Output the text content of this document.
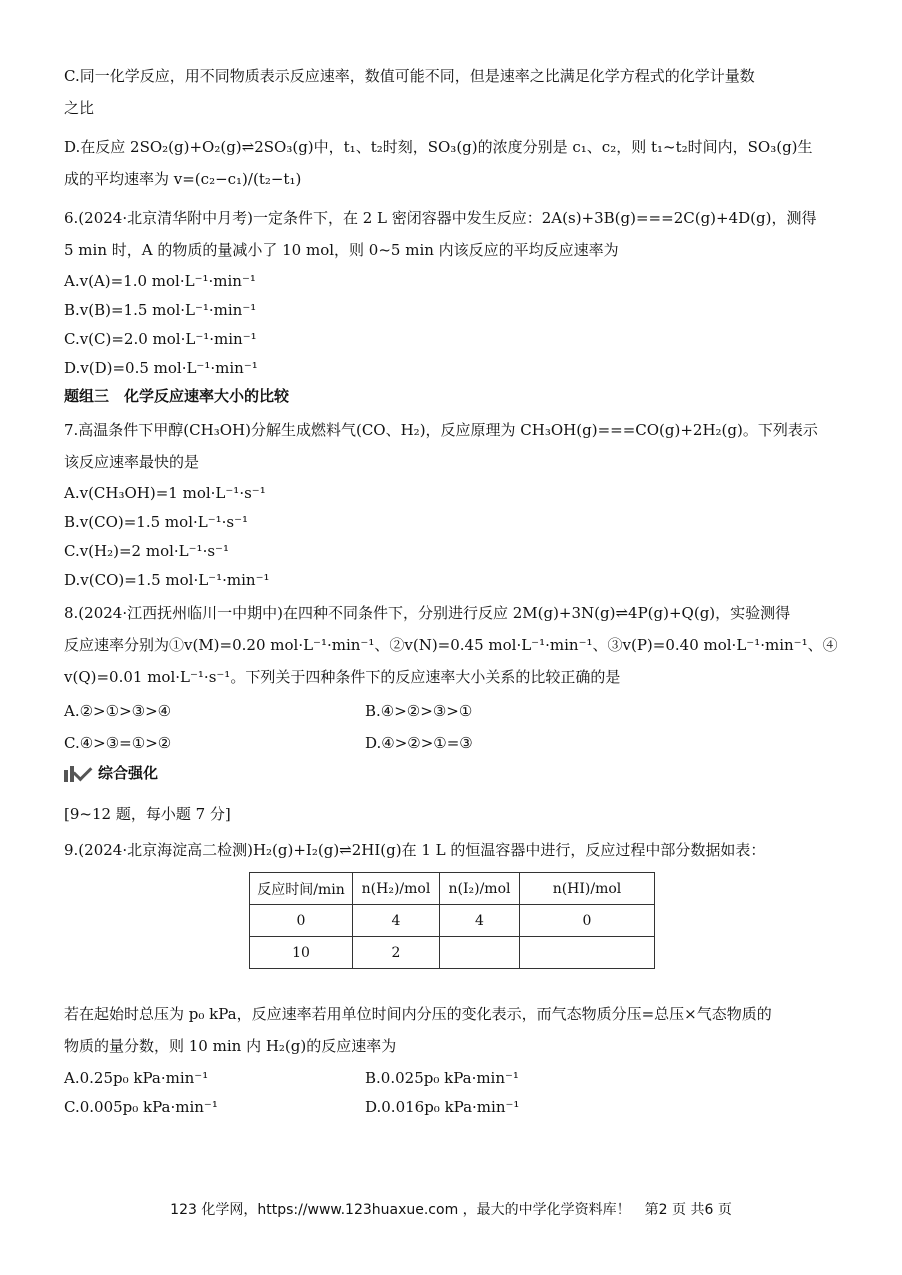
C.同一化学反应，用不同物质表示反应速率，数值可能不同，但是速率之比满足化学方程式的化学计量数
之比
D.在反应 2SO₂(g)+O₂(g)⇌2SO₃(g)中，t₁、t₂时刻，SO₃(g)的浓度分别是 c₁、c₂，则 t₁~t₂时间内，SO₃(g)生
成的平均速率为 v=(c₂−c₁)/(t₂−t₁)
6.(2024·北京清华附中月考)一定条件下，在 2 L 密闭容器中发生反应：2A(s)+3B(g)===2C(g)+4D(g)，测得
5 min 时，A 的物质的量减小了 10 mol，则 0~5 min 内该反应的平均反应速率为
A.v(A)=1.0 mol·L⁻¹·min⁻¹
B.v(B)=1.5 mol·L⁻¹·min⁻¹
C.v(C)=2.0 mol·L⁻¹·min⁻¹
D.v(D)=0.5 mol·L⁻¹·min⁻¹
题组三　化学反应速率大小的比较
7.高温条件下甲醇(CH₃OH)分解生成燃料气(CO、H₂)，反应原理为 CH₃OH(g)===CO(g)+2H₂(g)。下列表示
该反应速率最快的是
A.v(CH₃OH)=1 mol·L⁻¹·s⁻¹
B.v(CO)=1.5 mol·L⁻¹·s⁻¹
C.v(H₂)=2 mol·L⁻¹·s⁻¹
D.v(CO)=1.5 mol·L⁻¹·min⁻¹
8.(2024·江西抚州临川一中期中)在四种不同条件下，分别进行反应 2M(g)+3N(g)⇌4P(g)+Q(g)，实验测得
反应速率分别为①v(M)=0.20 mol·L⁻¹·min⁻¹、②v(N)=0.45 mol·L⁻¹·min⁻¹、③v(P)=0.40 mol·L⁻¹·min⁻¹、④
v(Q)=0.01 mol·L⁻¹·s⁻¹。下列关于四种条件下的反应速率大小关系的比较正确的是
A.②>①>③>④	B.④>②>③>①
C.④>③=①>②	D.④>②>①=③
综合强化
[9~12 题，每小题 7 分]
9.(2024·北京海淀高二检测)H₂(g)+I₂(g)⇌2HI(g)在 1 L 的恒温容器中进行，反应过程中部分数据如表：
反应时间/min	n(H₂)/mol	n(I₂)/mol	n(HI)/mol
0	4	4	0
10	2		
若在起始时总压为 p₀ kPa，反应速率若用单位时间内分压的变化表示，而气态物质分压=总压×气态物质的
物质的量分数，则 10 min 内 H₂(g)的反应速率为
A.0.25p₀ kPa·min⁻¹	B.0.025p₀ kPa·min⁻¹
C.0.005p₀ kPa·min⁻¹	D.0.016p₀ kPa·min⁻¹
123 化学网，https://www.123huaxue.com ，最大的中学化学资料库！　第2 页 共6 页
